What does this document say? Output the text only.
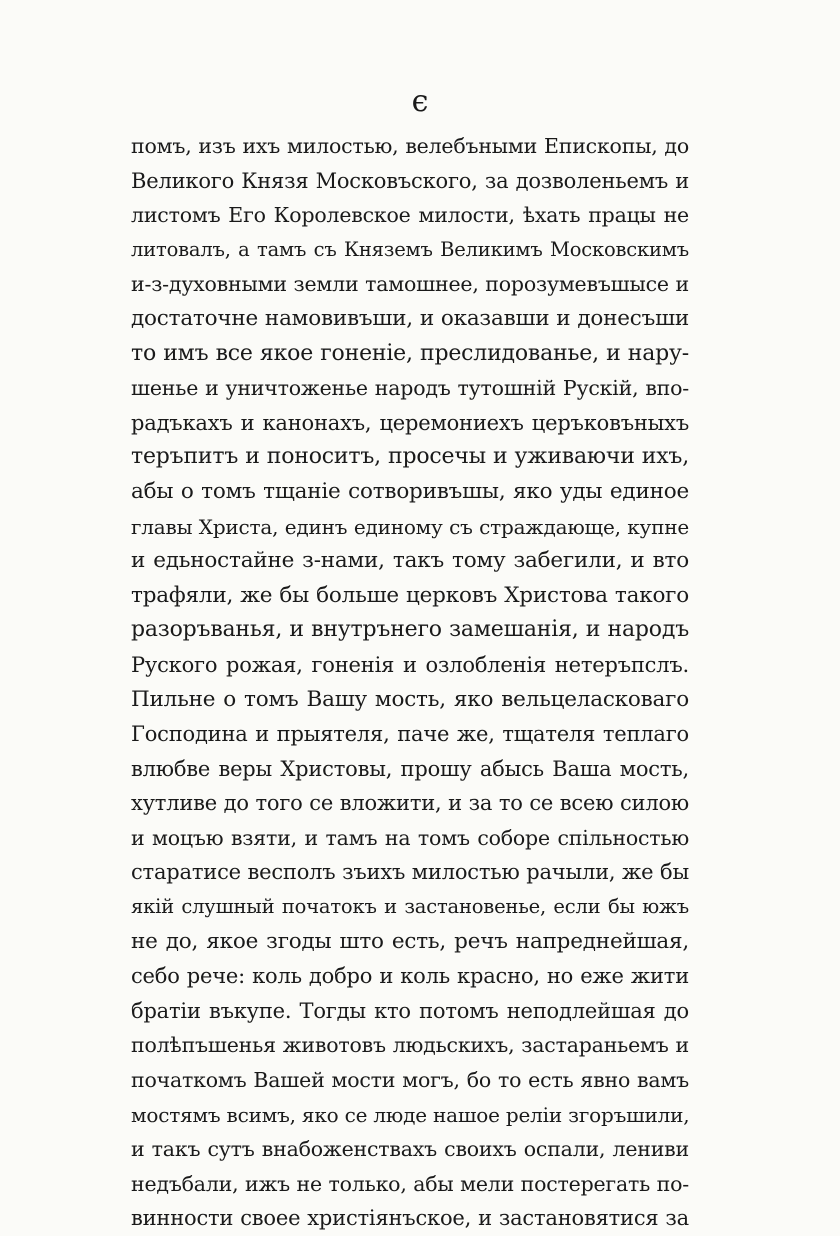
є
помъ, изъ ихъ милостью, велебъными Епископы, до
Великого Князя Московъского, за дозволеньемъ и
листомъ Его Королевское милости, ѣхать працы не
литовалъ, а тамъ съ Княземъ Великимъ Московскимъ
и-з-духовными земли тамошнее, порозумевъшысе и
достаточне намовивъши, и оказавши и донесъши
то имъ все якое гоненіе, преслидованье, и нару-
шенье и уничтоженье народъ тутошній Рускій, впо-
радъкахъ и канонахъ, церемониехъ церъковъныхъ
теръпитъ и поноситъ, просечы и уживаючи ихъ,
абы о томъ тщаніе сотворивъшы, яко уды единое
главы Христа, единъ единому съ страждающе, купне
и едьностайне з-нами, такъ тому забегили, и вто
трафяли, же бы больше церковъ Христова такого
разоръванья, и внутрънего замешанія, и народъ
Руского рожая, гоненія и озлобленія нетеръпслъ.
Пильне о томъ Вашу мость, яко вельцеласковаго
Господина и прыятеля, паче же, тщателя теплаго
влюбве веры Христовы, прошу абысь Ваша мость,
хутливе до того се вложити, и за то се всею силою
и моцъю взяти, и тамъ на томъ соборе спільностью
старатисе весполъ зъихъ милостью рачыли, же бы
якій слушный початокъ и застановенье, если бы южъ
не до, якое згоды што есть, речъ напреднейшая,
себо рече: коль добро и коль красно, но еже жити
братіи въкупе. Тогды кто потомъ неподлейшая до
полѣпъшенья животовъ людьскихъ, застараньемъ и
початкомъ Вашей мости могъ, бо то есть явно вамъ
мостямъ всимъ, яко се люде нашое реліи згоръшили,
и такъ сутъ внабоженствахъ своихъ оспали, лениви
недъбали, ижъ не только, абы мели постерегать по-
винности своее христіянъское, и застановятися за
